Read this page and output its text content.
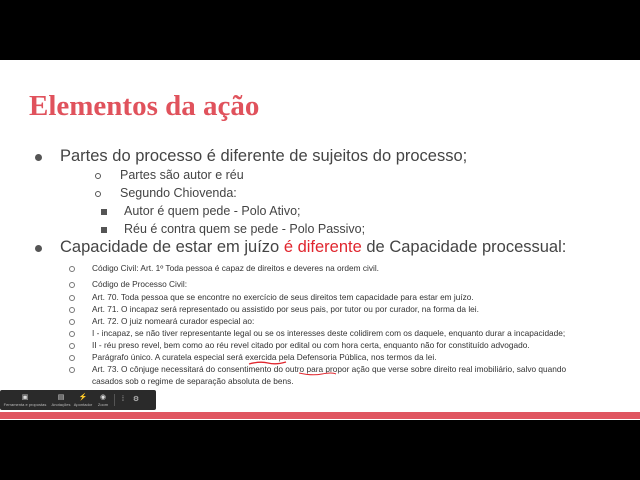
Elementos da ação
Partes do processo é diferente de sujeitos do processo;
Partes são autor e réu
Segundo Chiovenda:
Autor é quem pede - Polo Ativo;
Réu é contra quem se pede - Polo Passivo;
Capacidade de estar em juízo é diferente de Capacidade processual:
Código Civil: Art. 1º Toda pessoa é capaz de direitos e deveres na ordem civil.
Código de Processo Civil:
Art. 70. Toda pessoa que se encontre no exercício de seus direitos tem capacidade para estar em juízo.
Art. 71. O incapaz será representado ou assistido por seus pais, por tutor ou por curador, na forma da lei.
Art. 72. O juiz nomeará curador especial ao:
I - incapaz, se não tiver representante legal ou se os interesses deste colidirem com os daquele, enquanto durar a incapacidade;
II - réu preso revel, bem como ao réu revel citado por edital ou com hora certa, enquanto não for constituído advogado.
Parágrafo único. A curatela especial será exercida pela Defensoria Pública, nos termos da lei.
Art. 73. O cônjuge necessitará do consentimento do outro para propor ação que verse sobre direito real imobiliário, salvo quando
casados sob o regime de separação absoluta de bens.
▣
Ferramenta e propostas
▤
Anotações
⚡
Apontador
◉
Zoom
⁞ ⚙
